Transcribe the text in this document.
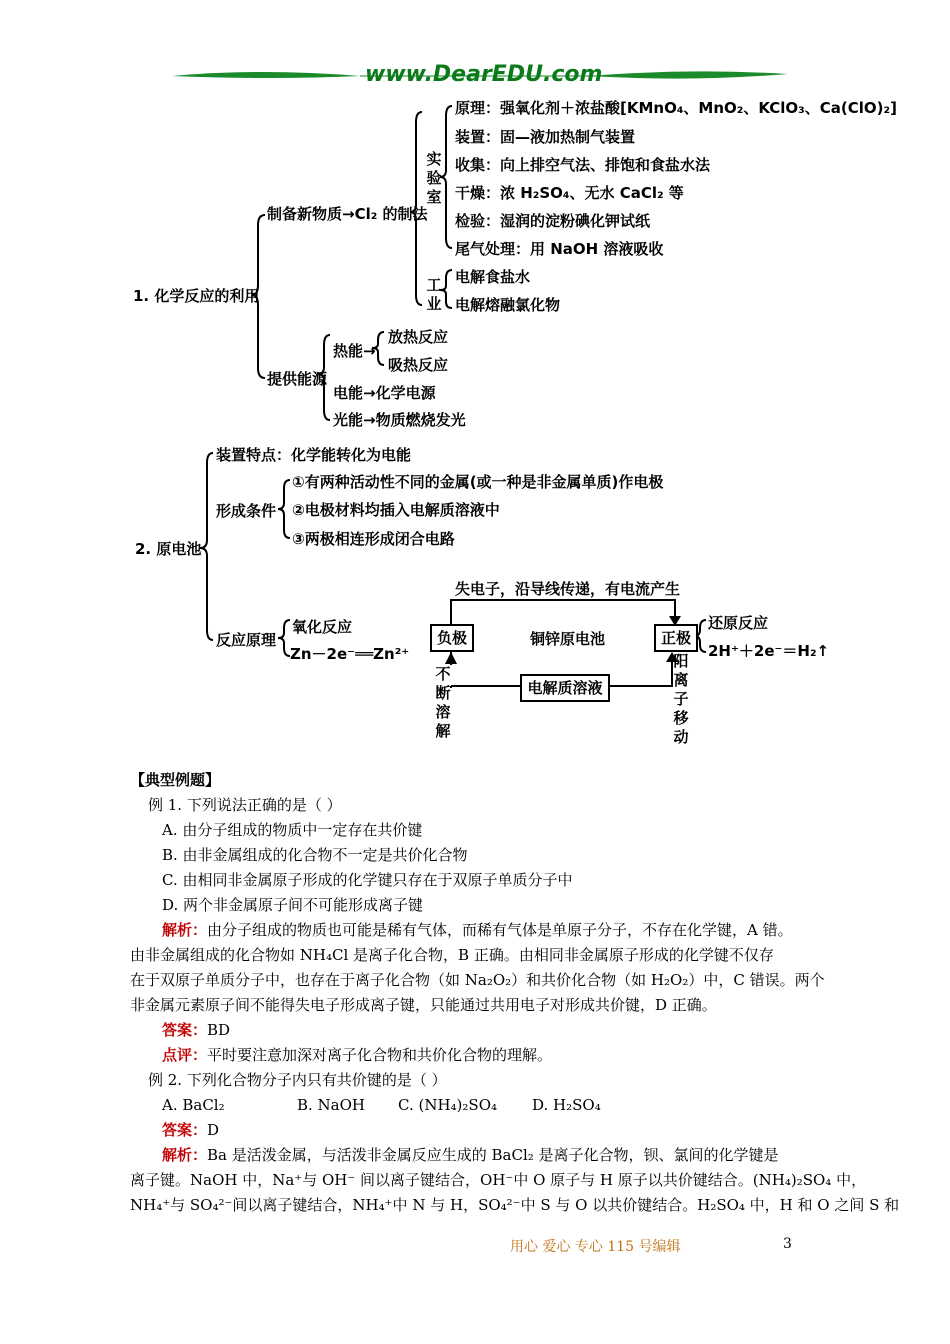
www.DearEDU.com
1. 化学反应的利用
制备新物质→Cl₂ 的制法
实验室
原理：强氧化剂＋浓盐酸[KMnO₄、MnO₂、KClO₃、Ca(ClO)₂]
装置：固—液加热制气装置
收集：向上排空气法、排饱和食盐水法
干燥：浓 H₂SO₄、无水 CaCl₂ 等
检验：湿润的淀粉碘化钾试纸
尾气处理：用 NaOH 溶液吸收
工业
电解食盐水
电解熔融氯化物
提供能源
热能→
放热反应
吸热反应
电能→化学电源
光能→物质燃烧发光
2. 原电池
装置特点：化学能转化为电能
形成条件
①有两种活动性不同的金属(或一种是非金属单质)作电极
②电极材料均插入电解质溶液中
③两极相连形成闭合电路
反应原理
氧化反应
Zn－2e⁻══Zn²⁺
失电子，沿导线传递，有电流产生
负极	铜锌原电池	正极
还原反应
2H⁺＋2e⁻＝H₂↑
电解质溶液
不断溶解
阳离子移动
【典型例题】
例 1. 下列说法正确的是（ ）
A. 由分子组成的物质中一定存在共价键
B. 由非金属组成的化合物不一定是共价化合物
C. 由相同非金属原子形成的化学键只存在于双原子单质分子中
D. 两个非金属原子间不可能形成离子键
解析：由分子组成的物质也可能是稀有气体，而稀有气体是单原子分子，不存在化学键，A 错。
由非金属组成的化合物如 NH₄Cl 是离子化合物，B 正确。由相同非金属原子形成的化学键不仅存
在于双原子单质分子中，也存在于离子化合物（如 Na₂O₂）和共价化合物（如 H₂O₂）中，C 错误。两个
非金属元素原子间不能得失电子形成离子键，只能通过共用电子对形成共价键，D 正确。
答案：BD
点评：平时要注意加深对离子化合物和共价化合物的理解。
例 2. 下列化合物分子内只有共价键的是（ ）
A. BaCl₂	B. NaOH C. (NH₄)₂SO₄ D. H₂SO₄
答案：D
解析：Ba 是活泼金属，与活泼非金属反应生成的 BaCl₂ 是离子化合物，钡、氯间的化学键是
离子键。NaOH 中，Na⁺与 OH⁻ 间以离子键结合，OH⁻中 O 原子与 H 原子以共价键结合。(NH₄)₂SO₄ 中，
NH₄⁺与 SO₄²⁻间以离子键结合，NH₄⁺中 N 与 H，SO₄²⁻中 S 与 O 以共价键结合。H₂SO₄ 中，H 和 O 之间 S 和
用心 爱心 专心 115 号编辑	3
